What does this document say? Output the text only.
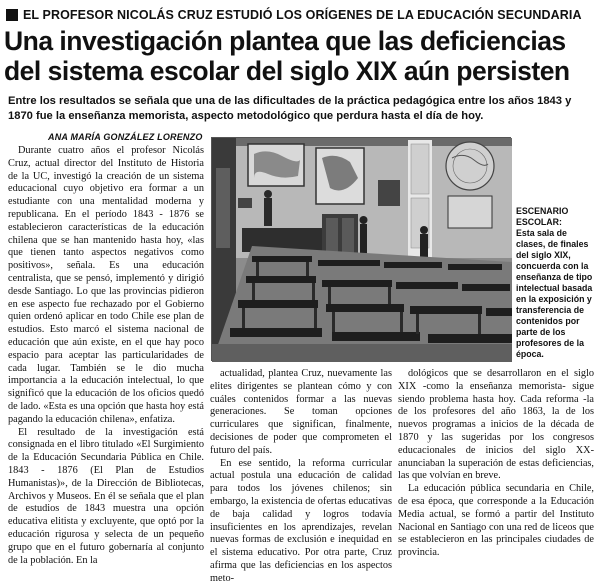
EL PROFESOR NICOLÁS CRUZ ESTUDIÓ LOS ORÍGENES DE LA EDUCACIÓN SECUNDARIA
Una investigación plantea que las deficiencias
del sistema escolar del siglo XIX aún persisten

Entre los resultados se señala que una de las dificultades de la práctica pedagógica entre los años 1843 y 1870 fue la enseñanza memorista, aspecto metodológico que perdura hasta el día de hoy.

ANA MARÍA GONZÁLEZ LORENZO

Durante cuatro años el profesor Nicolás Cruz, actual director del Instituto de Historia de la UC, investigó la creación de un sistema educacional cuyo objetivo era formar a un estudiante con una mentalidad moderna y republicana. En el período 1843 - 1876 se establecieron características de la educación chilena que se han mantenido hasta hoy, «las que tienen tanto aspectos negativos como positivos», señala. Es una educación centralista, que se pensó, implementó y dirigió desde Santiago. Lo que las provincias pidieron en ese aspecto fue rechazado por el Gobierno quien ordenó aplicar en todo Chile ese plan de estudios. Esto marcó el sistema nacional de educación que aún existe, en el que hay poco espacio para aceptar las particularidades de cada lugar. También se le dio mucha importancia a la educación intelectual, lo que significó que la educación de los oficios quedó de lado. «Esta es una opción que hasta hoy está pagando la educación chilena», enfatiza.

El resultado de la investigación está consignada en el libro titulado «El Surgimiento de la Educación Secundaria Pública en Chile. 1843 - 1876 (El Plan de Estudios Humanistas)», de la Dirección de Bibliotecas, Archivos y Museos. En él se señala que el plan de estudios de 1843 muestra una opción educativa elitista y excluyente, que optó por la educación rigurosa y selecta de un pequeño grupo que en el futuro gobernaría al conjunto de la población. En la

ESCENARIO ESCOLAR:
Esta sala de clases, de finales del siglo XIX, concuerda con la enseñanza de tipo intelectual basada en la exposición y transferencia de contenidos por parte de los profesores de la época.

actualidad, plantea Cruz, nuevamente las elites dirigentes se plantean cómo y con cuáles contenidos formar a las nuevas generaciones. Se toman opciones curriculares que significan, finalmente, decisiones de poder que comprometen el futuro del país.

En ese sentido, la reforma curricular actual postula una educación de calidad para todos los jóvenes chilenos; sin embargo, la existencia de ofertas educativas de baja calidad y logros todavía insuficientes en los aprendizajes, revelan nuevas formas de exclusión e inequidad en el sistema educativo. Por otra parte, Cruz afirma que las deficiencias en los aspectos meto-

dológicos que se desarrollaron en el siglo XIX -como la enseñanza memorista- sigue siendo problema hasta hoy. Cada reforma -la de los profesores del año 1863, la de los nuevos programas a inicios de la década de 1870 y las sugeridas por los congresos educacionales de inicios del siglo XX- anunciaban la superación de estas deficiencias, las que volvían en breve.

La educación pública secundaria en Chile, de esa época, que corresponde a la Educación Media actual, se formó a partir del Instituto Nacional en Santiago con una red de liceos que se establecieron en las principales ciudades de provincia.
